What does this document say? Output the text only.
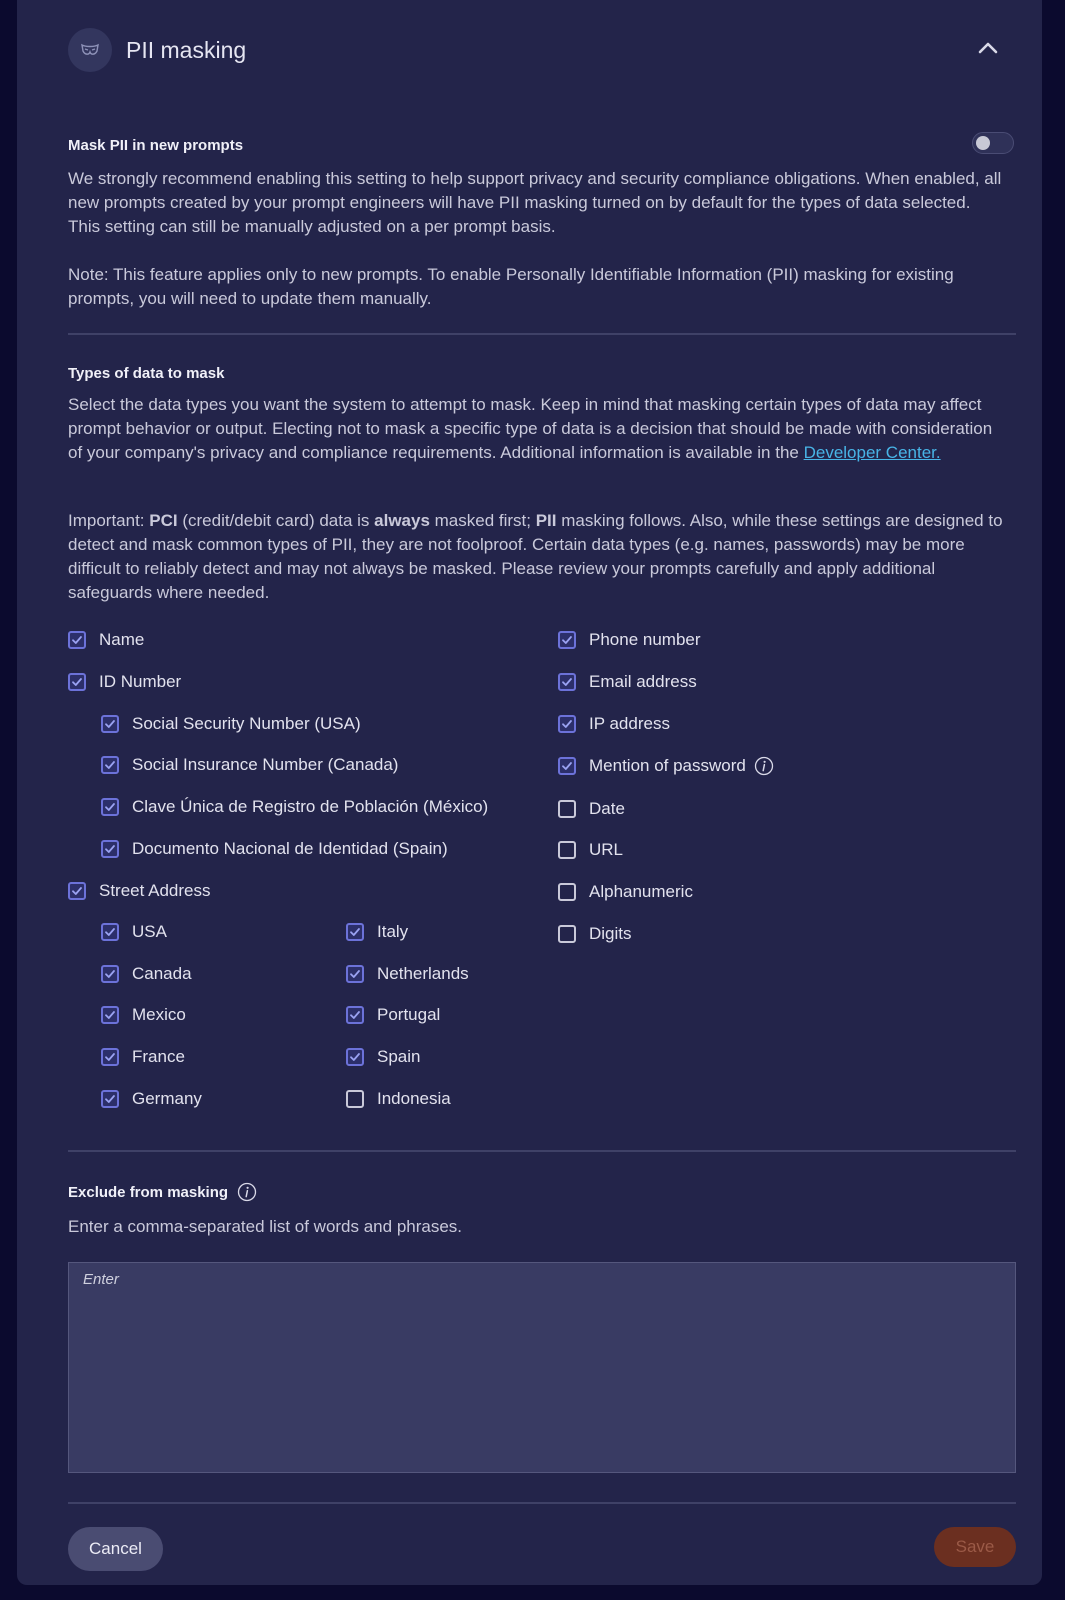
PII masking
Mask PII in new prompts
We strongly recommend enabling this setting to help support privacy and security compliance obligations. When enabled, all new prompts created by your prompt engineers will have PII masking turned on by default for the types of data selected. This setting can still be manually adjusted on a per prompt basis.
Note: This feature applies only to new prompts. To enable Personally Identifiable Information (PII) masking for existing prompts, you will need to update them manually.
Types of data to mask
Select the data types you want the system to attempt to mask. Keep in mind that masking certain types of data may affect prompt behavior or output. Electing not to mask a specific type of data is a decision that should be made with consideration of your company's privacy and compliance requirements. Additional information is available in the Developer Center.
Important: PCI (credit/debit card) data is always masked first; PII masking follows. Also, while these settings are designed to detect and mask common types of PII, they are not foolproof. Certain data types (e.g. names, passwords) may be more difficult to reliably detect and may not always be masked. Please review your prompts carefully and apply additional safeguards where needed.
Name
ID Number
Social Security Number (USA)
Social Insurance Number (Canada)
Clave Única de Registro de Población (México)
Documento Nacional de Identidad (Spain)
Street Address
USA
Canada
Mexico
France
Germany
Italy
Netherlands
Portugal
Spain
Indonesia
Phone number
Email address
IP address
Mention of password
Date
URL
Alphanumeric
Digits
Exclude from masking
Enter a comma-separated list of words and phrases.
Enter
Cancel	Save
